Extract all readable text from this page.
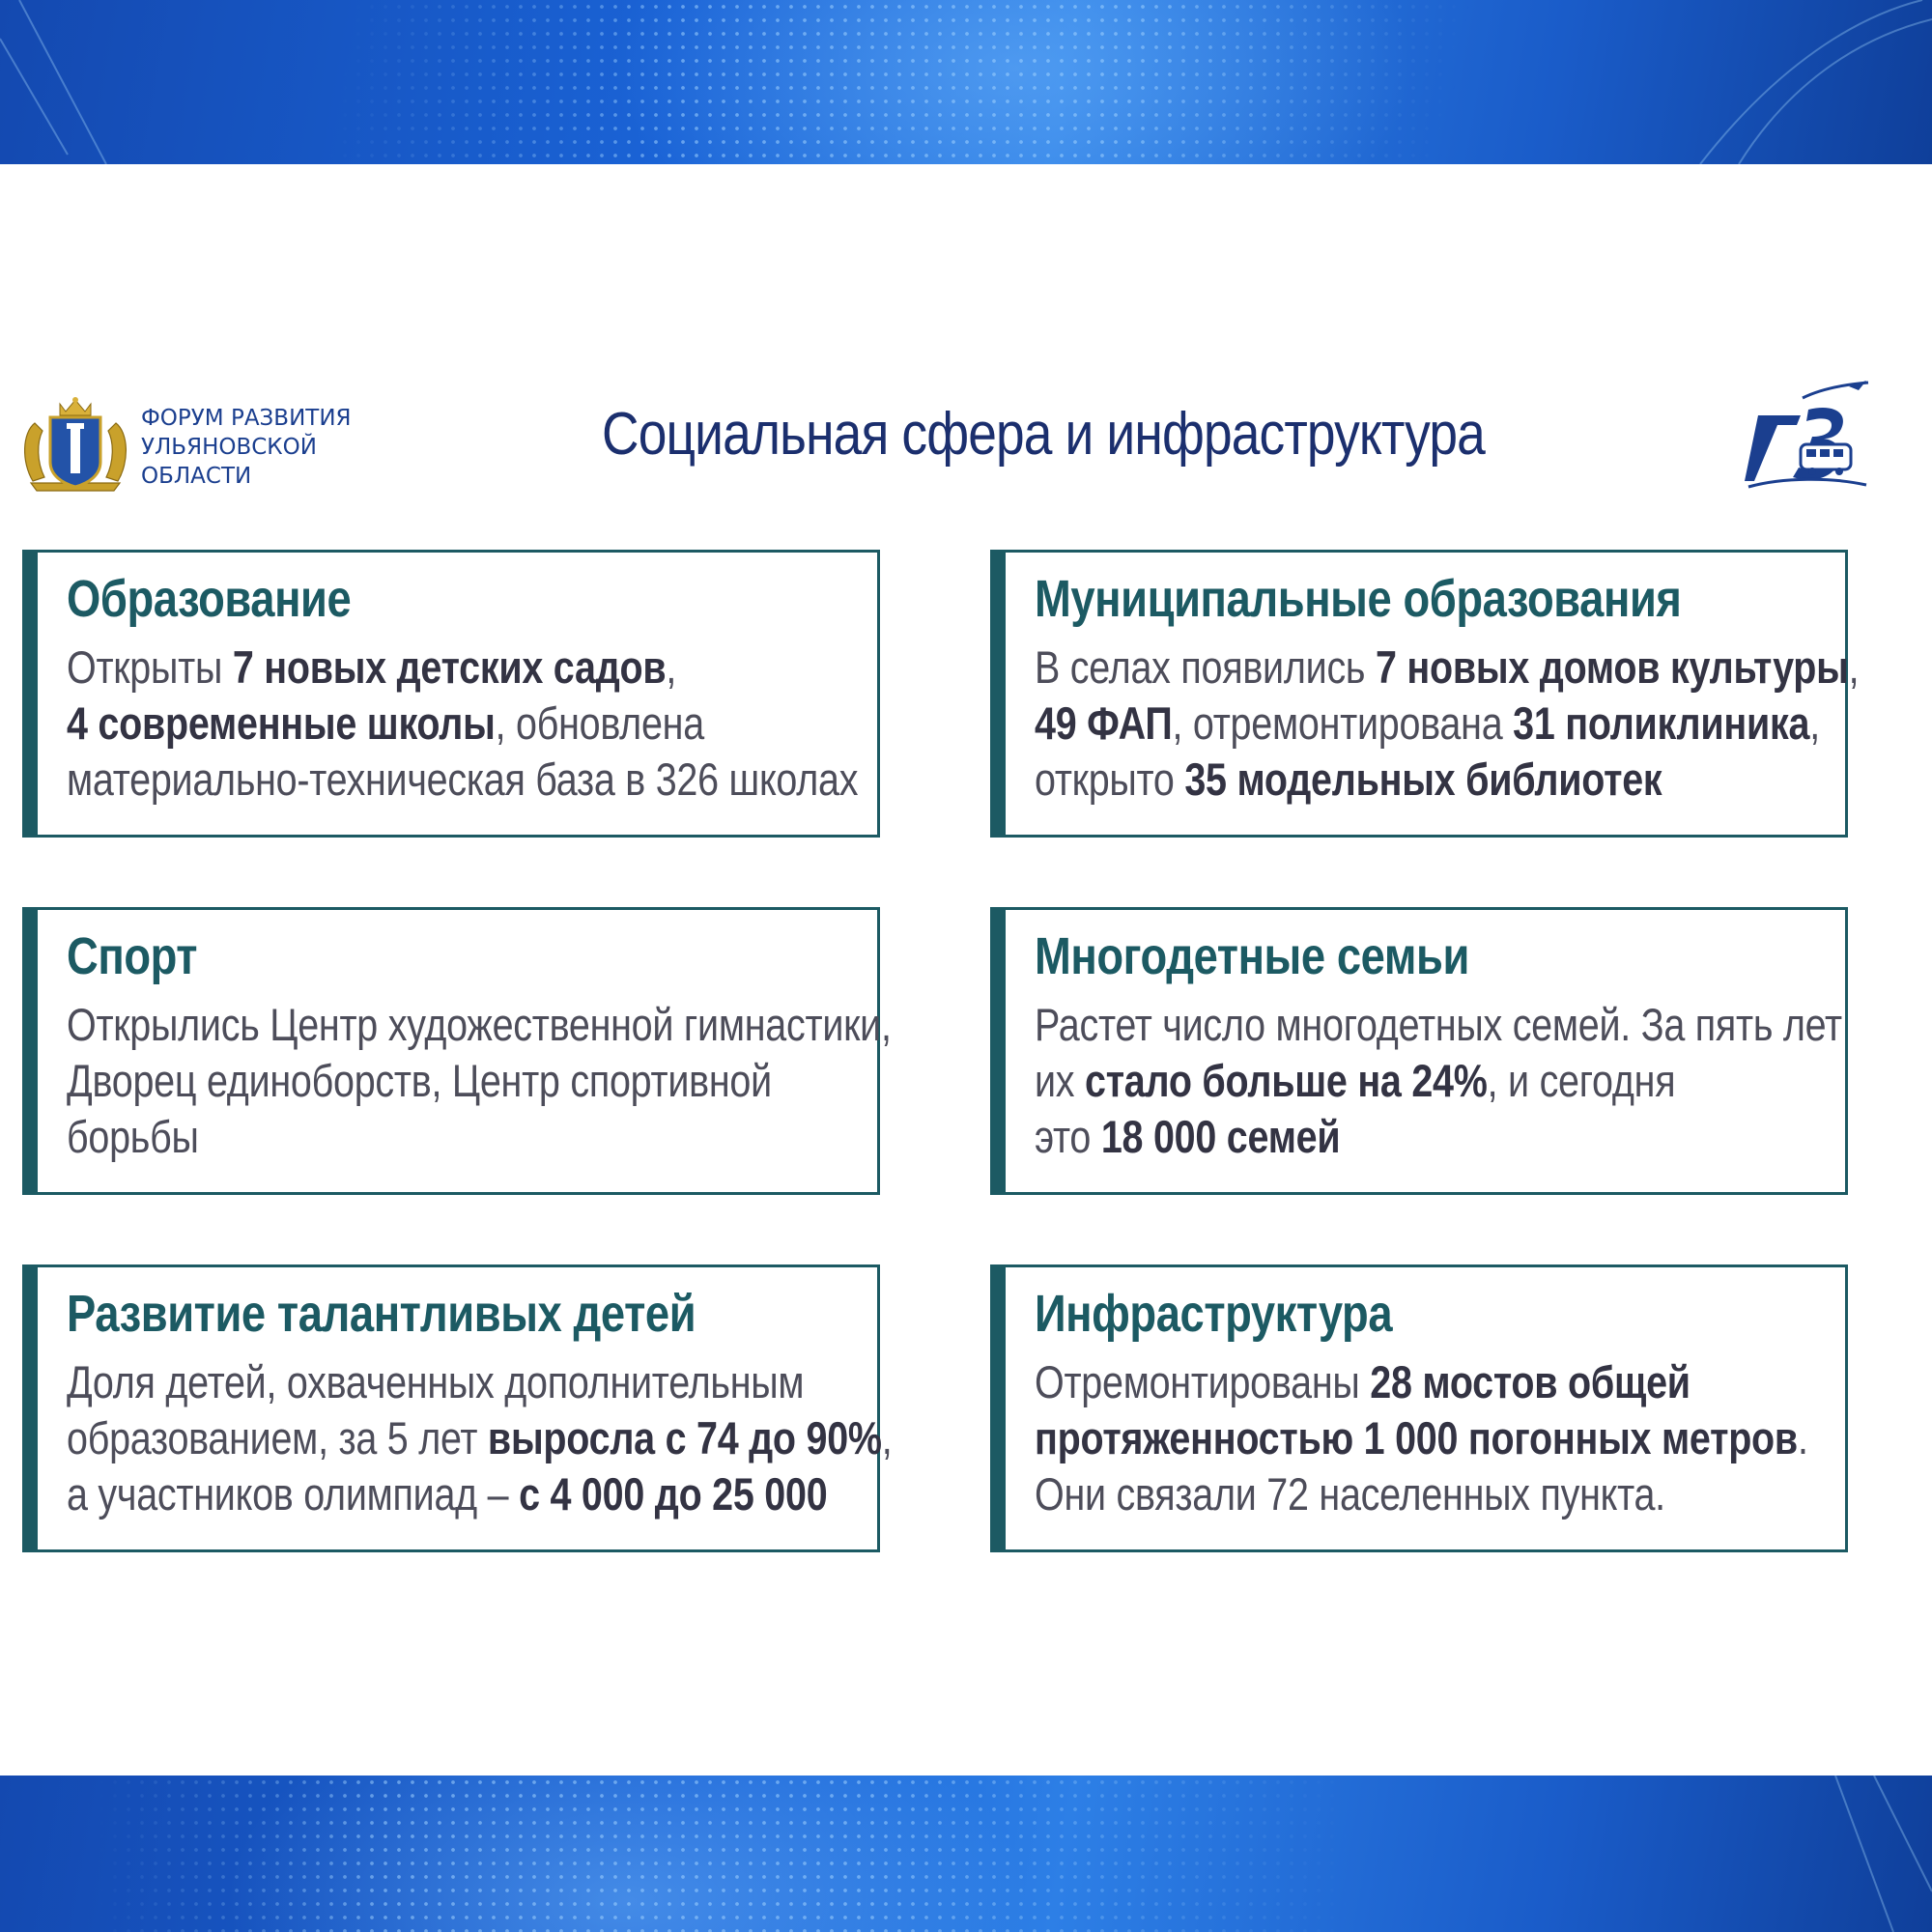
ФОРУМ РАЗВИТИЯ
УЛЬЯНОВСКОЙ
ОБЛАСТИ
Социальная сфера и инфраструктура
Образование

Открыты 7 новых детских садов,
4 современные школы, обновлена
материально-техническая база в 326 школах

Муниципальные образования

В селах появились 7 новых домов культуры,
49 ФАП, отремонтирована 31 поликлиника,
открыто 35 модельных библиотек

Спорт

Открылись Центр художественной гимнастики,
Дворец единоборств, Центр спортивной
борьбы

Многодетные семьи

Растет число многодетных семей. За пять лет
их стало больше на 24%, и сегодня
это 18 000 семей

Развитие талантливых детей

Доля детей, охваченных дополнительным
образованием, за 5 лет выросла с 74 до 90%,
а участников олимпиад – с 4 000 до 25 000

Инфраструктура

Отремонтированы 28 мостов общей
протяженностью 1 000 погонных метров.
Они связали 72 населенных пункта.
